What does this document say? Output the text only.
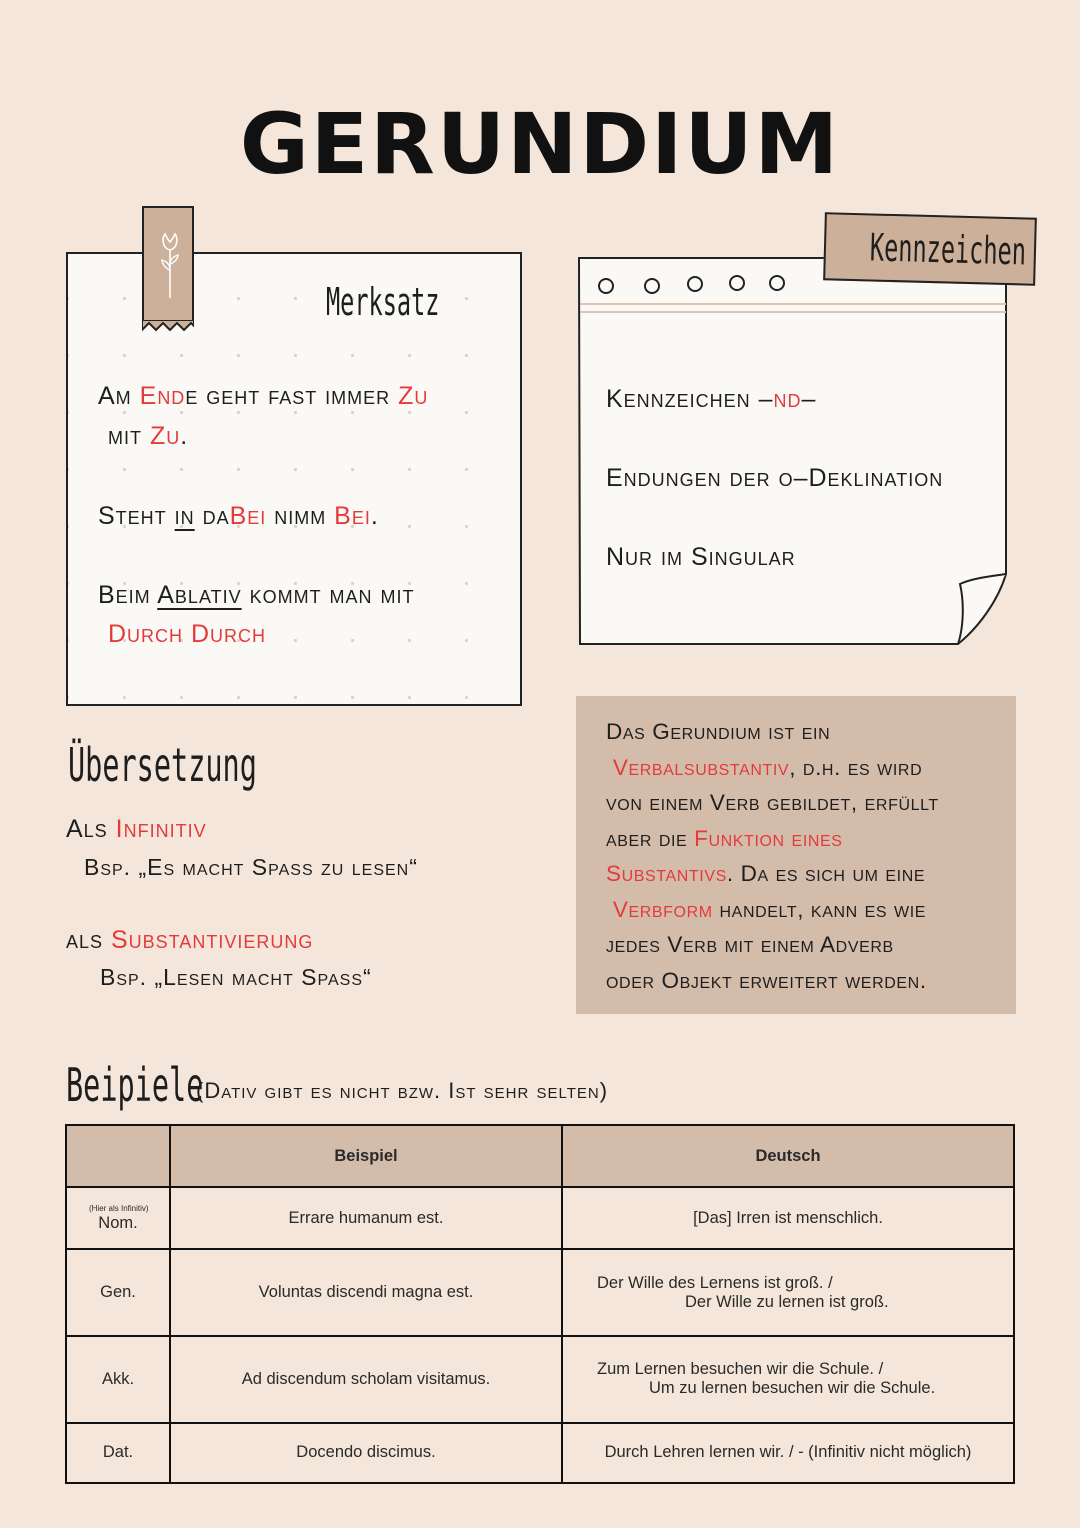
GERUNDIUM
Merksatz
Am Ende geht fast immer Zu
mit Zu.
Steht in daBei nimm Bei.
Beim Ablativ kommt man mit
Durch Durch
Kennzeichen
Kennzeichen –nd–
Endungen der o–Deklination
Nur im Singular
Übersetzung
Als Infinitiv
Bsp. „Es macht Spass zu lesen“
als Substantivierung
Bsp. „Lesen macht Spass“
Das Gerundium ist ein
Verbalsubstantiv, d.h. es wird
von einem Verb gebildet, erfüllt
aber die Funktion eines
Substantivs. Da es sich um eine
Verbform handelt, kann es wie
jedes Verb mit einem Adverb
oder Objekt erweitert werden.
Beipiele
(Dativ gibt es nicht bzw. Ist sehr selten)
	Beispiel	Deutsch

(Hier als Infinitiv)
Nom.	Errare humanum est.	[Das] Irren ist menschlich.
Gen.	Voluntas discendi magna est.	Der Wille des Lernens ist groß. /
Der Wille zu lernen ist groß.

Akk.	Ad discendum scholam visitamus.	Zum Lernen besuchen wir die Schule. /
Um zu lernen besuchen wir die Schule.

Dat.	Docendo discimus.	Durch Lehren lernen wir. / - (Infinitiv nicht möglich)
